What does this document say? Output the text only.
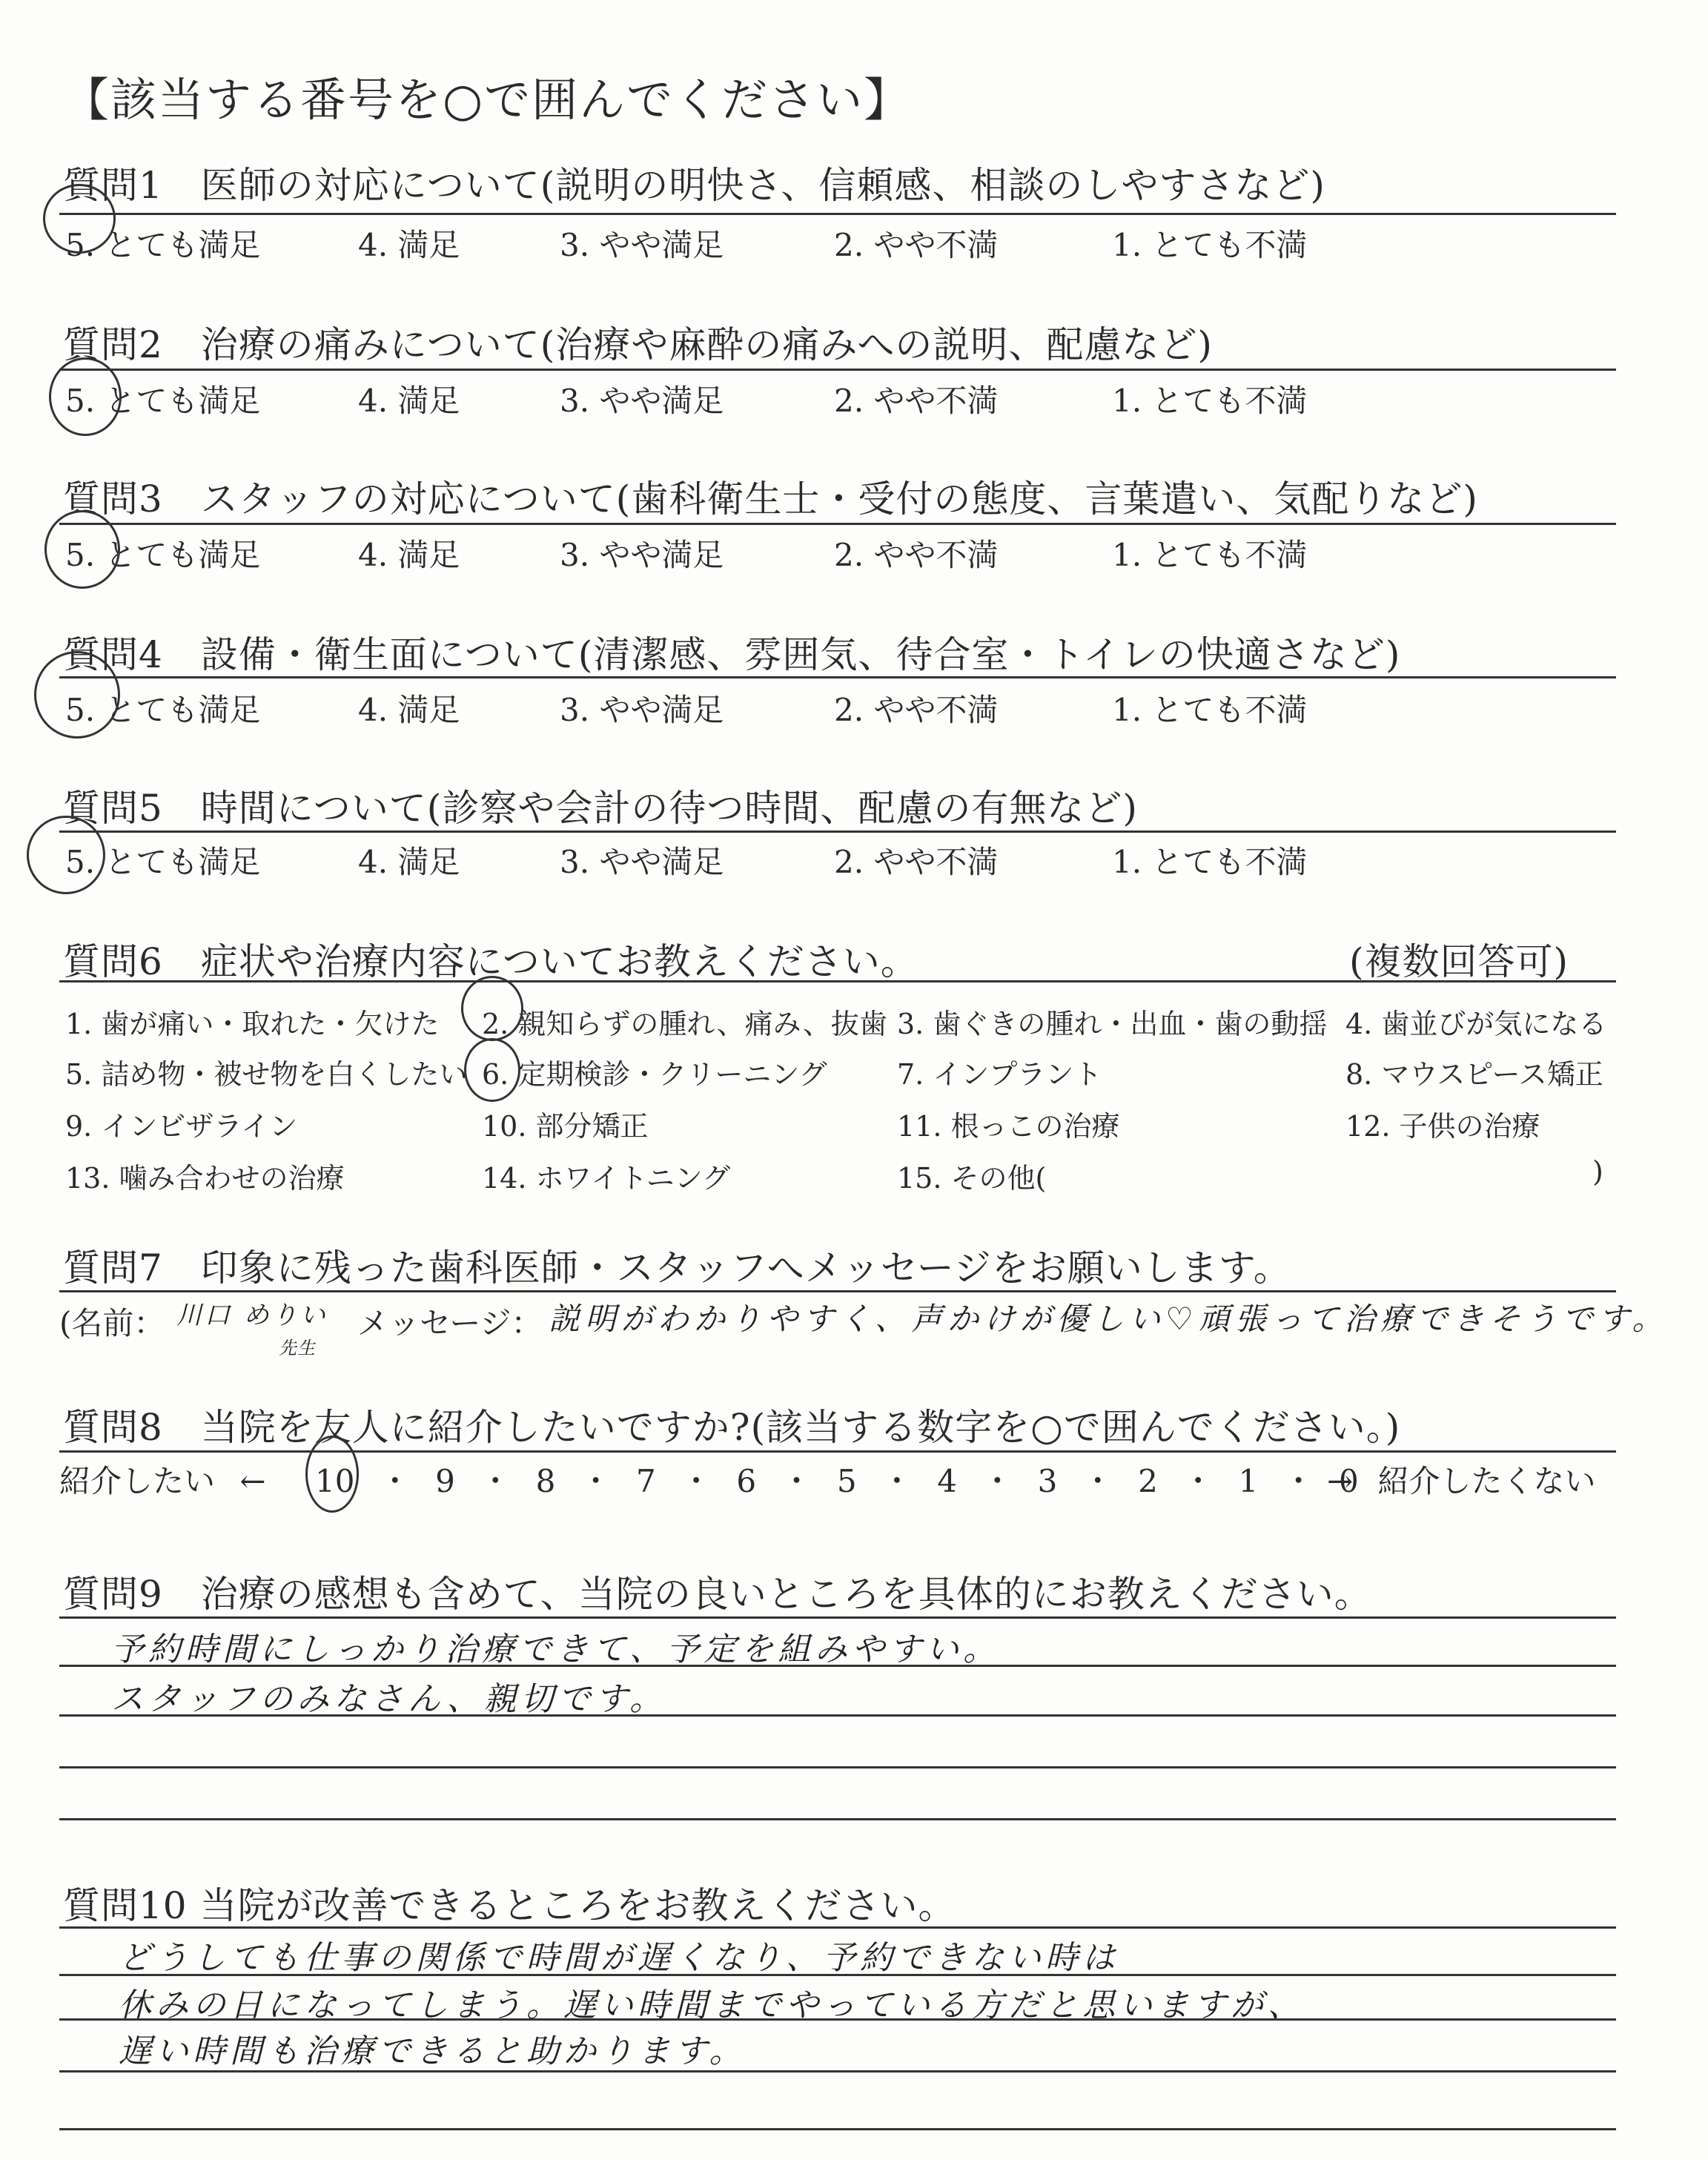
【該当する番号を○で囲んでください】
質問1　医師の対応について(説明の明快さ、信頼感、相談のしやすさなど)
5. とても満足	4. 満足	3. やや満足	2. やや不満	1. とても不満
質問2　治療の痛みについて(治療や麻酔の痛みへの説明、配慮など)
5. とても満足	4. 満足	3. やや満足	2. やや不満	1. とても不満
質問3　スタッフの対応について(歯科衛生士・受付の態度、言葉遣い、気配りなど)
5. とても満足	4. 満足	3. やや満足	2. やや不満	1. とても不満
質問4　設備・衛生面について(清潔感、雰囲気、待合室・トイレの快適さなど)
5. とても満足	4. 満足	3. やや満足	2. やや不満	1. とても不満
質問5　時間について(診察や会計の待つ時間、配慮の有無など)
5. とても満足	4. 満足	3. やや満足	2. やや不満	1. とても不満
質問6　症状や治療内容についてお教えください。	(複数回答可)
1. 歯が痛い・取れた・欠けた 2. 親知らずの腫れ、痛み、抜歯 3. 歯ぐきの腫れ・出血・歯の動揺 4. 歯並びが気になる
5. 詰め物・被せ物を白くしたい 6. 定期検診・クリーニング 7. インプラント	8. マウスピース矯正
9. インビザライン	10. 部分矯正	11. 根っこの治療	12. 子供の治療
13. 噛み合わせの治療	14. ホワイトニング	15. その他(	)
質問7　印象に残った歯科医師・スタッフへメッセージをお願いします。
(名前： 川口 めりい
先生
メッセージ： 説明がわかりやすく、声かけが優しい♡頑張って治療できそうです。
質問8　当院を友人に紹介したいですか?(該当する数字を○で囲んでください。)
紹介したい ← 10 ・ 9 ・ 8 ・ 7 ・ 6 ・ 5 ・ 4 ・ 3 ・ 2 ・ 1 ・ 0
→ 紹介したくない
質問9　治療の感想も含めて、当院の良いところを具体的にお教えください。
予約時間にしっかり治療できて、予定を組みやすい。
スタッフのみなさん、親切です。
質問10 当院が改善できるところをお教えください。
どうしても仕事の関係で時間が遅くなり、予約できない時は
休みの日になってしまう。遅い時間までやっている方だと思いますが、
遅い時間も治療できると助かります。
